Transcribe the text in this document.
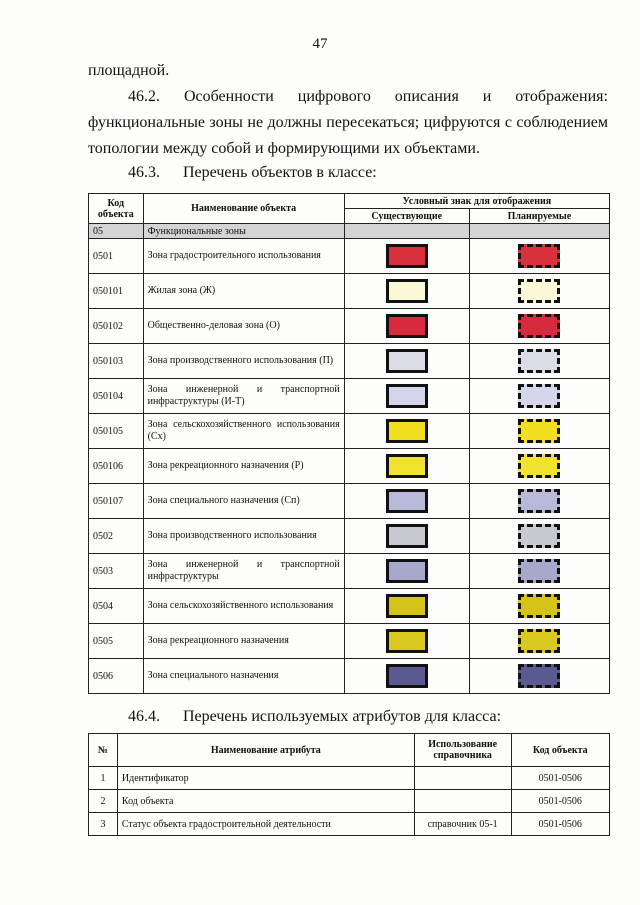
47
площадной.
46.2. Особенности цифрового описания и отображения:
функциональные зоны не должны пересекаться; цифруются с соблюдением топологии между собой и формирующими их объектами.
46.3. Перечень объектов в классе:
Код объекта	Наименование объекта	Условный знак для отображения	
		Существующие	Планируемые
05	Функциональные зоны		
0501	Зона градостроительного использования		
050101	Жилая зона (Ж)		
050102	Общественно-деловая зона (О)		
050103	Зона производственного использования (П)		
050104	Зона инженерной и транспортной инфраструктуры (И-Т)		
050105	Зона сельскохозяйственного использования (Сх)		
050106	Зона рекреационного назначения (Р)		
050107	Зона специального назначения (Сп)		
0502	Зона производственного использования		
0503	Зона инженерной и транспортной инфраструктуры		
0504	Зона сельскохозяйственного использования		
0505	Зона рекреационного назначения		
0506	Зона специального назначения		
46.4. Перечень используемых атрибутов для класса:
№	Наименование атрибута	Использование справочника	Код объекта
1	Идентификатор		0501-0506
2	Код объекта		0501-0506
3	Статус объекта градостроительной деятельности	справочник 05-1	0501-0506
